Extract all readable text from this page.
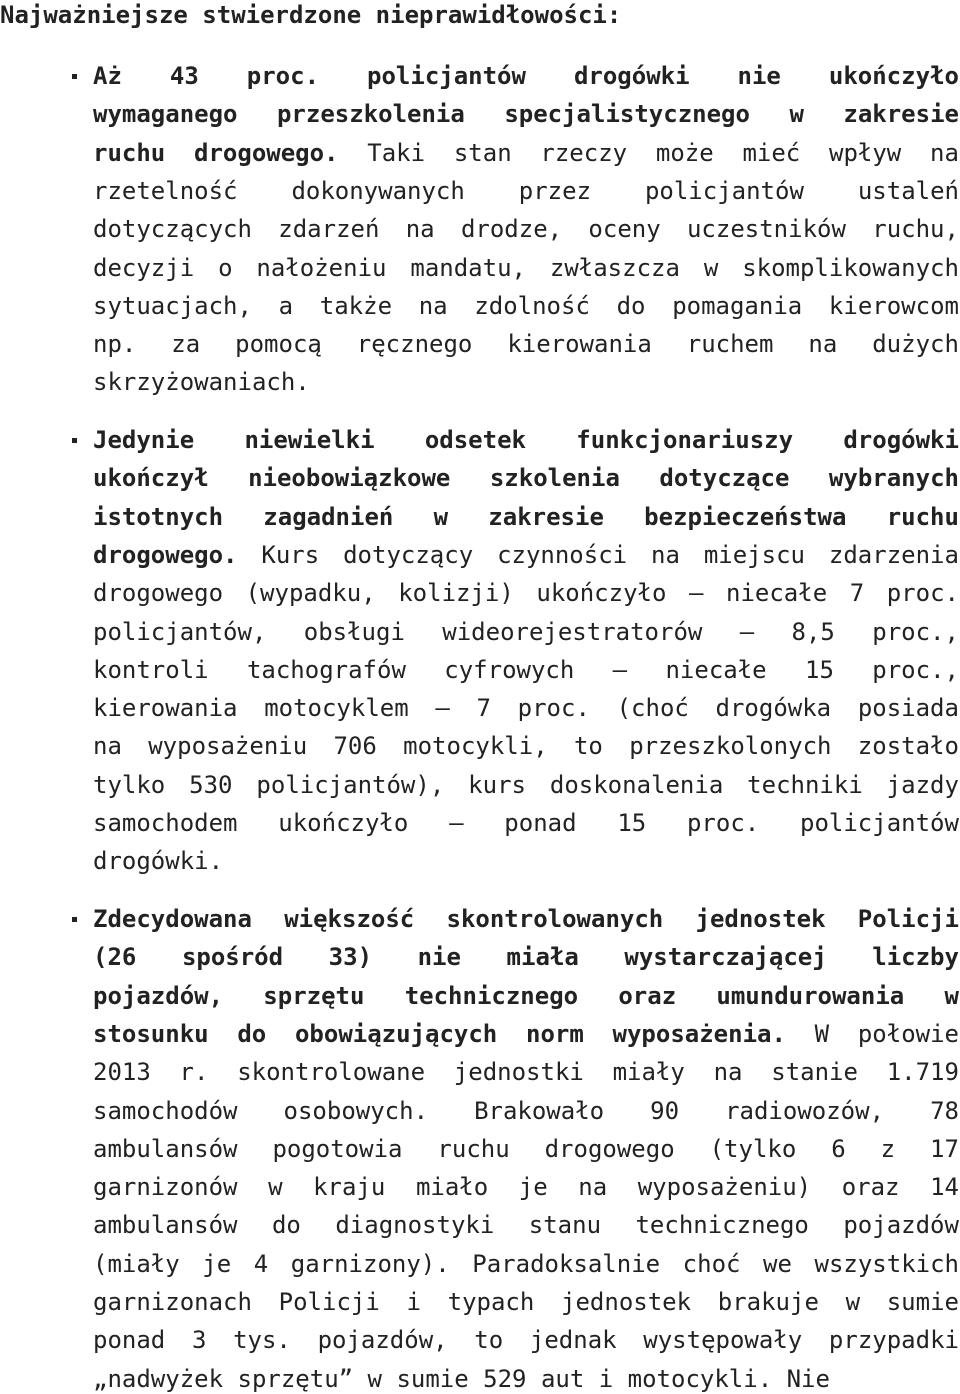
Najważniejsze stwierdzone nieprawidłowości:
Aż 43 proc. policjantów drogówki nie ukończyło
wymaganego przeszkolenia specjalistycznego w zakresie
ruchu drogowego. Taki stan rzeczy może mieć wpływ na
rzetelność dokonywanych przez policjantów ustaleń
dotyczących zdarzeń na drodze, oceny uczestników ruchu,
decyzji o nałożeniu mandatu, zwłaszcza w skomplikowanych
sytuacjach, a także na zdolność do pomagania kierowcom
np. za pomocą ręcznego kierowania ruchem na dużych
skrzyżowaniach.
Jedynie niewielki odsetek funkcjonariuszy drogówki
ukończył nieobowiązkowe szkolenia dotyczące wybranych
istotnych zagadnień w zakresie bezpieczeństwa ruchu
drogowego. Kurs dotyczący czynności na miejscu zdarzenia
drogowego (wypadku, kolizji) ukończyło – niecałe 7 proc.
policjantów, obsługi wideorejestratorów – 8,5 proc.,
kontroli tachografów cyfrowych – niecałe 15 proc.,
kierowania motocyklem – 7 proc. (choć drogówka posiada
na wyposażeniu 706 motocykli, to przeszkolonych zostało
tylko 530 policjantów), kurs doskonalenia techniki jazdy
samochodem ukończyło – ponad 15 proc. policjantów
drogówki.
Zdecydowana większość skontrolowanych jednostek Policji
(26 spośród 33) nie miała wystarczającej liczby
pojazdów, sprzętu technicznego oraz umundurowania w
stosunku do obowiązujących norm wyposażenia. W połowie
2013 r. skontrolowane jednostki miały na stanie 1.719
samochodów osobowych. Brakowało 90 radiowozów, 78
ambulansów pogotowia ruchu drogowego (tylko 6 z 17
garnizonów w kraju miało je na wyposażeniu) oraz 14
ambulansów do diagnostyki stanu technicznego pojazdów
(miały je 4 garnizony). Paradoksalnie choć we wszystkich
garnizonach Policji i typach jednostek brakuje w sumie
ponad 3 tys. pojazdów, to jednak występowały przypadki
„nadwyżek sprzętu” w sumie 529 aut i motocykli. Nie
